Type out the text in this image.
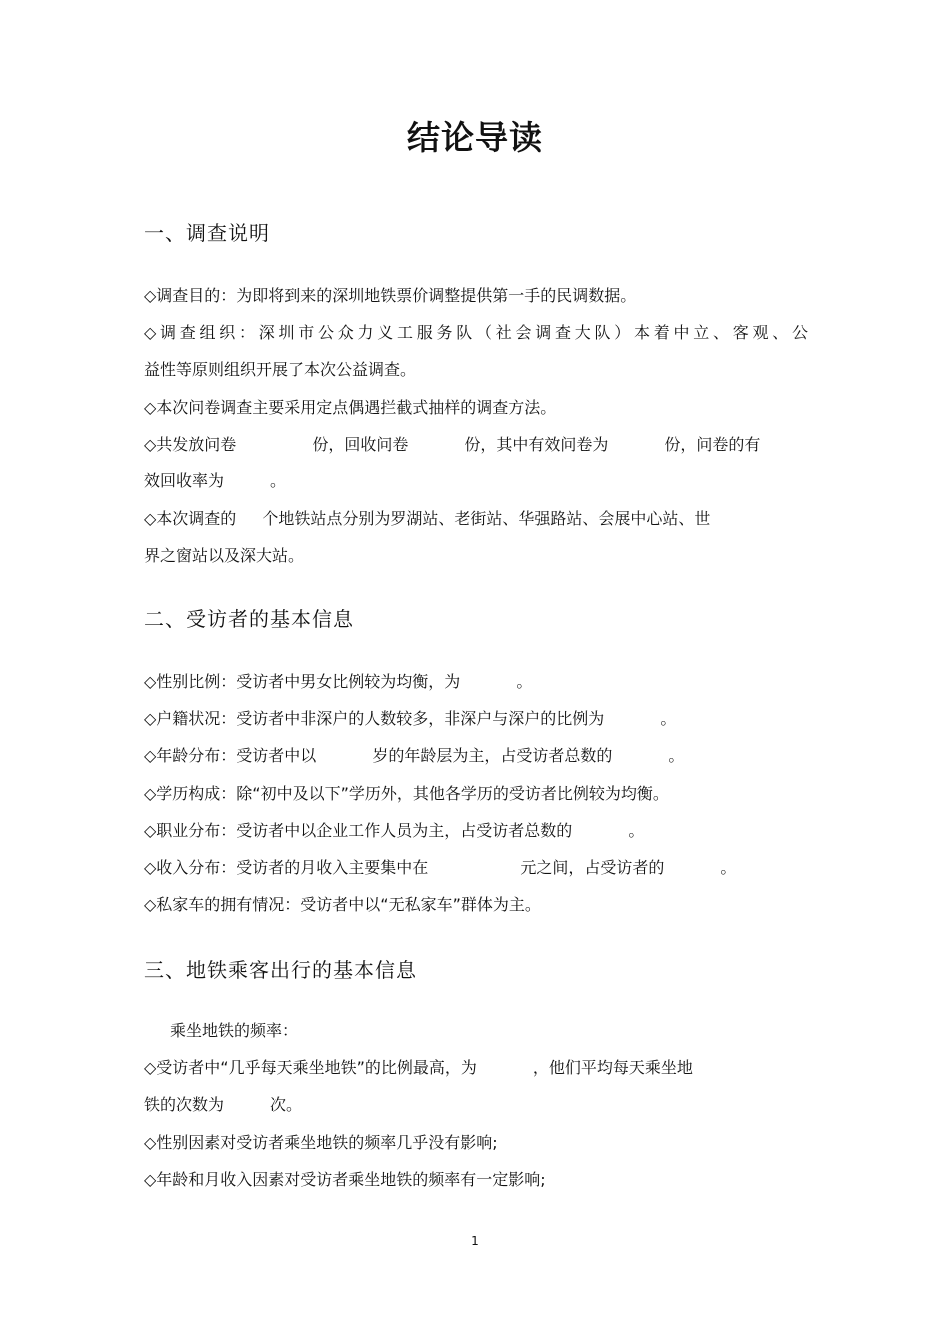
结论导读
一、调查说明
◇调查目的：为即将到来的深圳地铁票价调整提供第一手的民调数据。
◇调查组织：深圳市公众力义工服务队（社会调查大队）本着中立、客观、公
益性等原则组织开展了本次公益调查。
◇本次问卷调查主要采用定点偶遇拦截式抽样的调查方法。
◇共发放问卷	份，回收问卷	份，其中有效问卷为	份，问卷的有
效回收率为	。
◇本次调查的 个地铁站点分别为罗湖站、老街站、华强路站、会展中心站、世
界之窗站以及深大站。
二、受访者的基本信息
◇性别比例：受访者中男女比例较为均衡，为	。
◇户籍状况：受访者中非深户的人数较多，非深户与深户的比例为	。
◇年龄分布：受访者中以	岁的年龄层为主，占受访者总数的	。
◇学历构成：除“初中及以下”学历外，其他各学历的受访者比例较为均衡。
◇职业分布：受访者中以企业工作人员为主，占受访者总数的	。
◇收入分布：受访者的月收入主要集中在	元之间，占受访者的	。
◇私家车的拥有情况：受访者中以“无私家车”群体为主。
三、地铁乘客出行的基本信息
乘坐地铁的频率：
◇受访者中“几乎每天乘坐地铁”的比例最高，为	，他们平均每天乘坐地
铁的次数为	次。
◇性别因素对受访者乘坐地铁的频率几乎没有影响;
◇年龄和月收入因素对受访者乘坐地铁的频率有一定影响;
1
